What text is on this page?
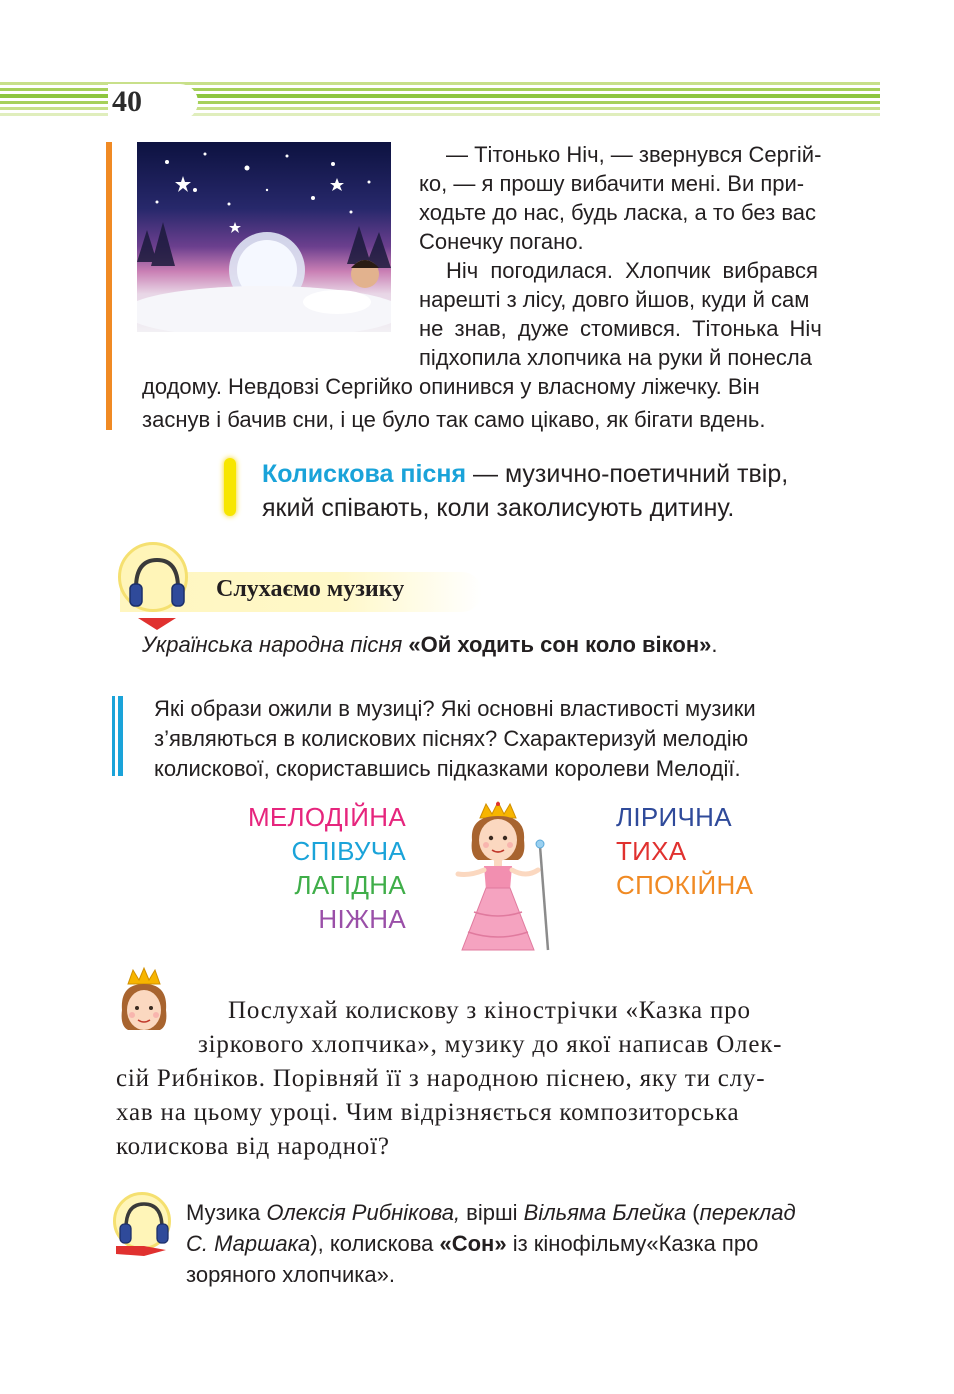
40
— Тітонько Ніч, — звернувся Сергій-
ко, — я прошу вибачити мені. Ви при-
ходьте до нас, будь ласка, а то без вас
Сонечку погано.
Ніч погодилася. Хлопчик вибрався
нарешті з лісу, довго йшов, куди й сам
не знав, дуже стомився. Тітонька Ніч
підхопила хлопчика на руки й понесла
додому. Невдовзі Сергійко опинився у власному ліжечку. Він
заснув і бачив сни, і це було так само цікаво, як бігати вдень.
Колискова пісня — музично-поетичний твір,
який співають, коли заколисують дитину.
Слухаємо музику
Українська народна пісня «Ой ходить сон коло вікон».
Які образи ожили в музиці? Які основні властивості музики
з’являються в колискових піснях? Схарактеризуй мелодію
колискової, скориставшись підказками королеви Мелодії.
МЕЛОДІЙНА
СПІВУЧА
ЛАГІДНА
НІЖНА
ЛІРИЧНА
ТИХА
СПОКІЙНА
Послухай колискову з кінострічки «Казка про
зіркового хлопчика», музику до якої написав Олек-
сій Рибніков. Порівняй її з народною піснею, яку ти слу-
хав на цьому уроці. Чим відрізняється композиторська
колискова від народної?
Музика Олексія Рибнікова, вірші Вільяма Блейка (переклад
С. Маршака), колискова «Сон» із кінофільму«Казка про
зоряного хлопчика».
